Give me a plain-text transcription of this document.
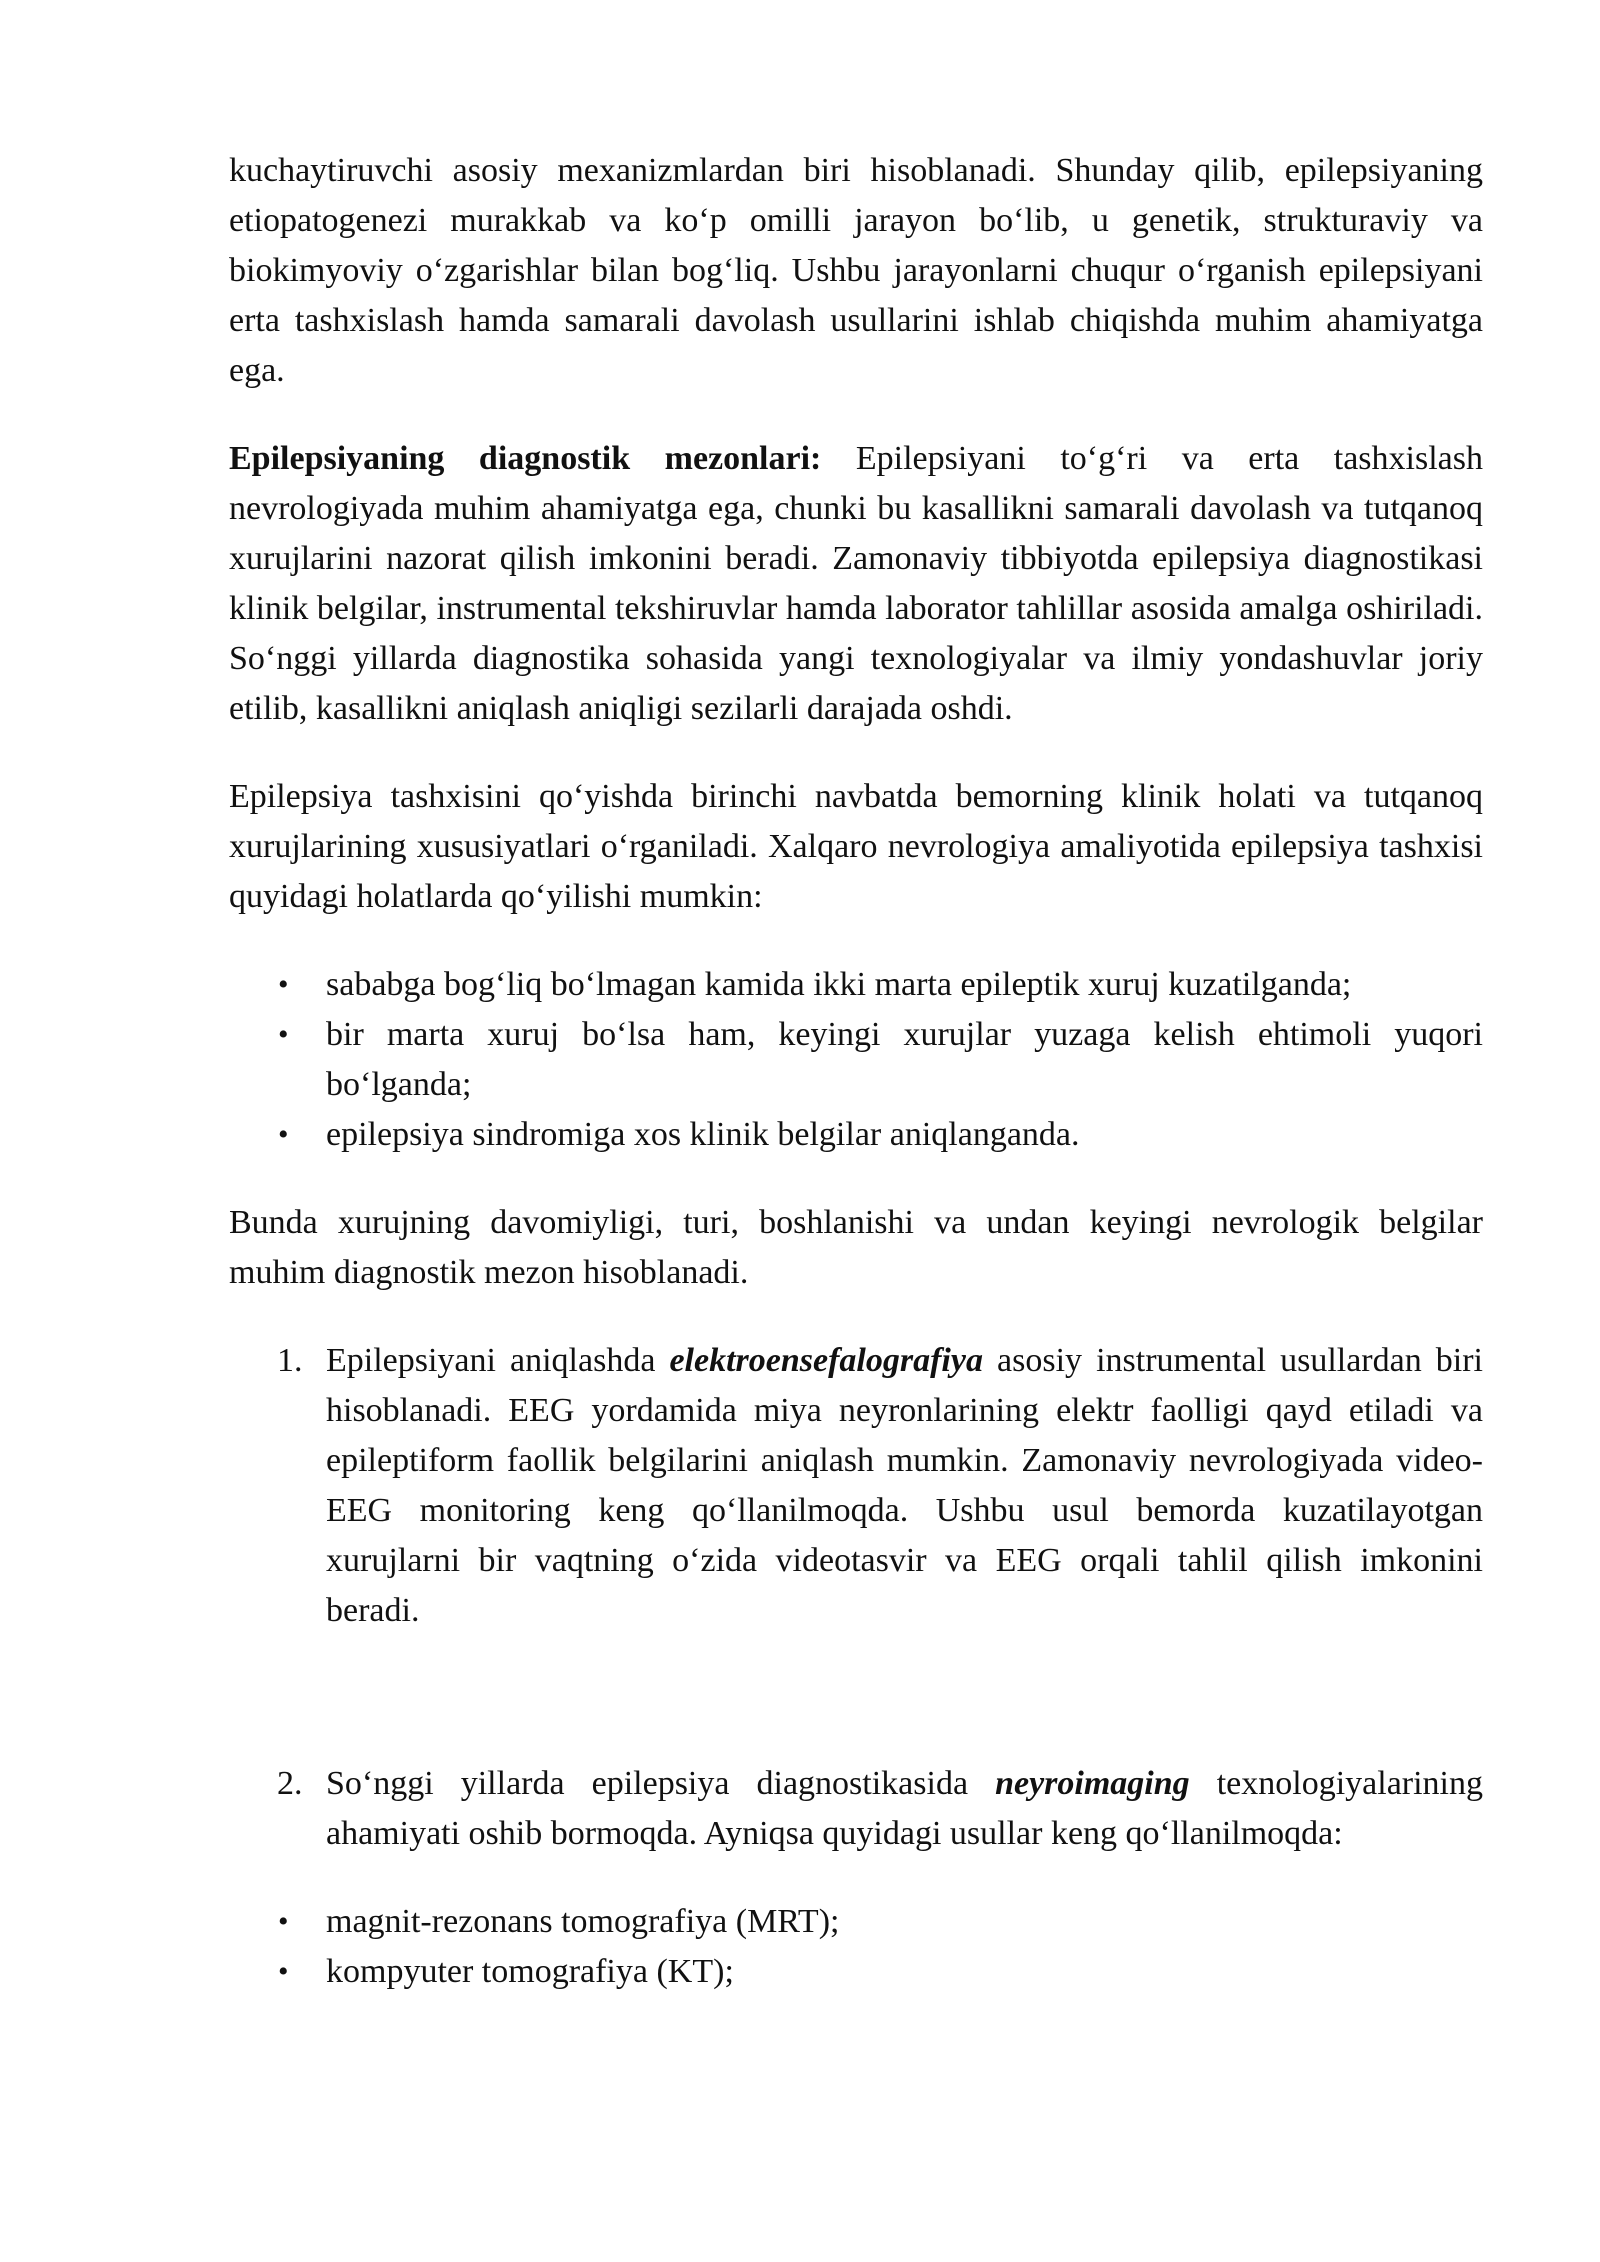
kuchaytiruvchi asosiy mexanizmlardan biri hisoblanadi. Shunday qilib, epilepsiyaning etiopatogenezi murakkab va ko‘p omilli jarayon bo‘lib, u genetik, strukturaviy va biokimyoviy o‘zgarishlar bilan bog‘liq. Ushbu jarayonlarni chuqur o‘rganish epilepsiyani erta tashxislash hamda samarali davolash usullarini ishlab chiqishda muhim ahamiyatga ega.

Epilepsiyaning diagnostik mezonlari: Epilepsiyani to‘g‘ri va erta tashxislash nevrologiyada muhim ahamiyatga ega, chunki bu kasallikni samarali davolash va tutqanoq xurujlarini nazorat qilish imkonini beradi. Zamonaviy tibbiyotda epilepsiya diagnostikasi klinik belgilar, instrumental tekshiruvlar hamda laborator tahlillar asosida amalga oshiriladi. So‘nggi yillarda diagnostika sohasida yangi texnologiyalar va ilmiy yondashuvlar joriy etilib, kasallikni aniqlash aniqligi sezilarli darajada oshdi.

Epilepsiya tashxisini qo‘yishda birinchi navbatda bemorning klinik holati va tutqanoq xurujlarining xususiyatlari o‘rganiladi. Xalqaro nevrologiya amaliyotida epilepsiya tashxisi quyidagi holatlarda qo‘yilishi mumkin:

• sababga bog‘liq bo‘lmagan kamida ikki marta epileptik xuruj kuzatilganda;
• bir marta xuruj bo‘lsa ham, keyingi xurujlar yuzaga kelish ehtimoli yuqori bo‘lganda;
• epilepsiya sindromiga xos klinik belgilar aniqlanganda.

Bunda xurujning davomiyligi, turi, boshlanishi va undan keyingi nevrologik belgilar muhim diagnostik mezon hisoblanadi.

1. Epilepsiyani aniqlashda elektroensefalografiya asosiy instrumental usullardan biri hisoblanadi. EEG yordamida miya neyronlarining elektr faolligi qayd etiladi va epileptiform faollik belgilarini aniqlash mumkin. Zamonaviy nevrologiyada video-EEG monitoring keng qo‘llanilmoqda. Ushbu usul bemorda kuzatilayotgan xurujlarni bir vaqtning o‘zida videotasvir va EEG orqali tahlil qilish imkonini beradi.
2. So‘nggi yillarda epilepsiya diagnostikasida neyroimaging texnologiyalarining ahamiyati oshib bormoqda. Ayniqsa quyidagi usullar keng qo‘llanilmoqda:
• magnit-rezonans tomografiya (MRT);
• kompyuter tomografiya (KT);
